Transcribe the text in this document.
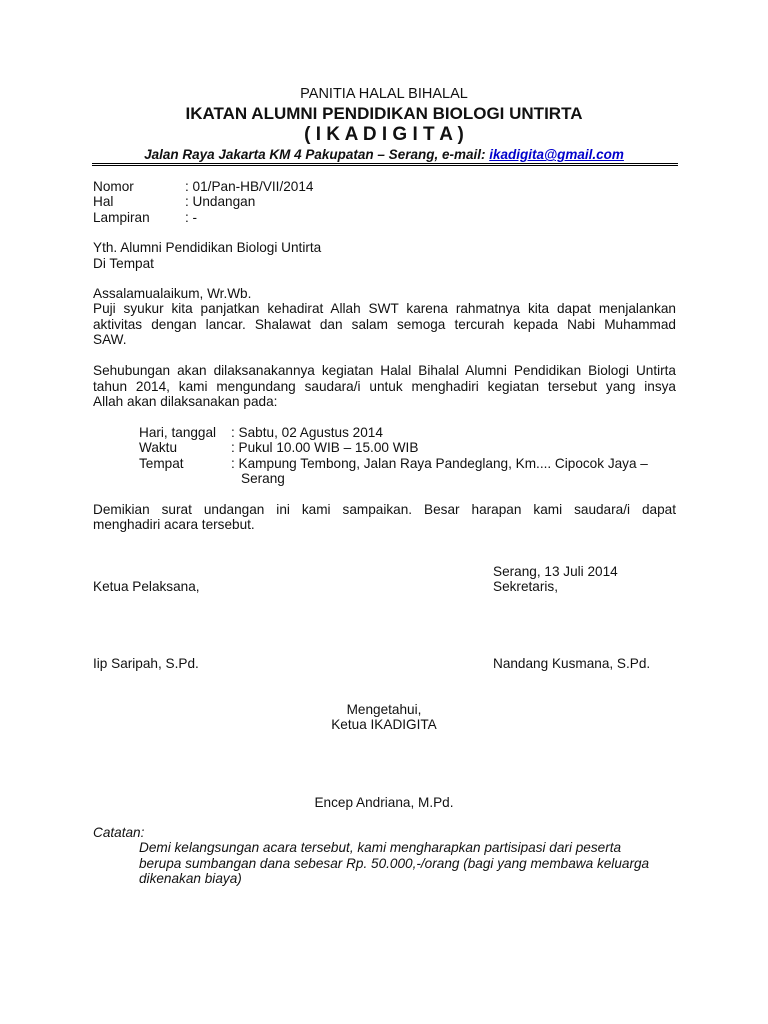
PANITIA HALAL BIHALAL
IKATAN ALUMNI PENDIDIKAN BIOLOGI UNTIRTA
( I K A D I G I T A )
Jalan Raya Jakarta KM 4 Pakupatan – Serang, e-mail: ikadigita@gmail.com
Nomor	: 01/Pan-HB/VII/2014
Hal	: Undangan
Lampiran	: -
Yth. Alumni Pendidikan Biologi Untirta
Di Tempat
Assalamualaikum, Wr.Wb.
Puji syukur kita panjatkan kehadirat Allah SWT karena rahmatnya kita dapat menjalankan
aktivitas dengan lancar. Shalawat dan salam semoga tercurah kepada Nabi Muhammad
SAW.
Sehubungan akan dilaksanakannya kegiatan Halal Bihalal Alumni Pendidikan Biologi Untirta
tahun 2014, kami mengundang saudara/i untuk menghadiri kegiatan tersebut yang insya
Allah akan dilaksanakan pada:
Hari, tanggal : Sabtu, 02 Agustus 2014
Waktu	: Pukul 10.00 WIB – 15.00 WIB
Tempat	: Kampung Tembong, Jalan Raya Pandeglang, Km.... Cipocok Jaya –
Serang
Demikian surat undangan ini kami sampaikan. Besar harapan kami saudara/i dapat
menghadiri acara tersebut.
Serang, 13 Juli 2014
Ketua Pelaksana,	Sekretaris,
Iip Saripah, S.Pd.	Nandang Kusmana, S.Pd.
Mengetahui,
Ketua IKADIGITA
Encep Andriana, M.Pd.
Catatan:
Demi kelangsungan acara tersebut, kami mengharapkan partisipasi dari peserta
berupa sumbangan dana sebesar Rp. 50.000,-/orang (bagi yang membawa keluarga
dikenakan biaya)
